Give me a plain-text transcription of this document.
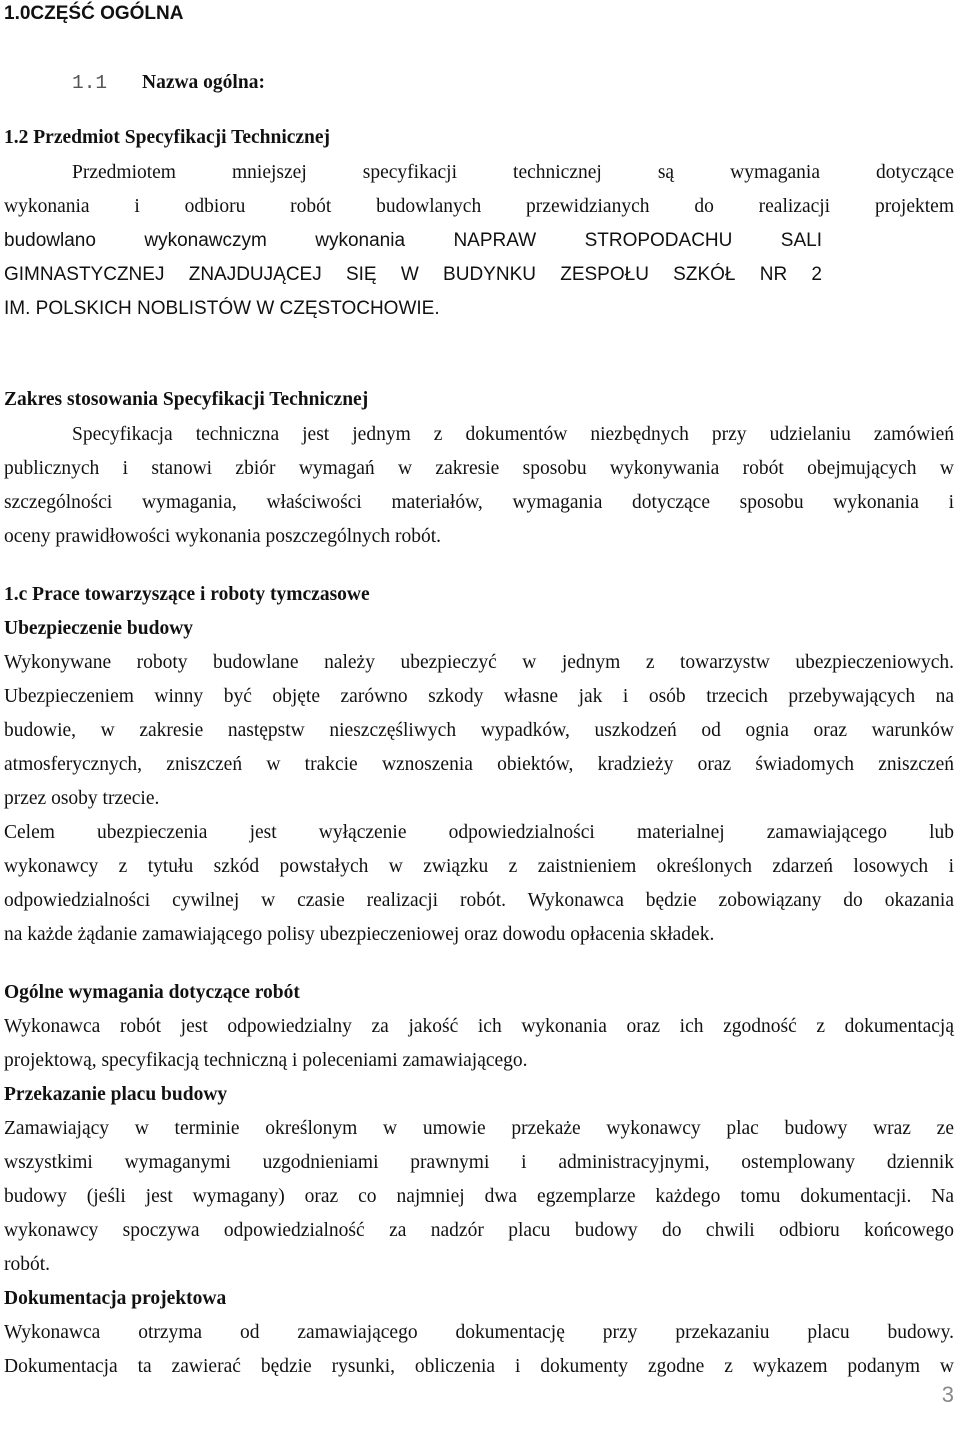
1.0CZĘŚĆ OGÓLNA
1.1 Nazwa ogólna:
1.2 Przedmiot Specyfikacji Technicznej
Przedmiotem mniejszej specyfikacji technicznej są wymagania dotyczące
wykonania i odbioru robót budowlanych przewidzianych do realizacji projektem
budowlano wykonawczym wykonania NAPRAW STROPODACHU SALI
GIMNASTYCZNEJ ZNAJDUJĄCEJ SIĘ W BUDYNKU ZESPOŁU SZKÓŁ NR 2
IM. POLSKICH NOBLISTÓW W CZĘSTOCHOWIE.
Zakres stosowania Specyfikacji Technicznej
Specyfikacja techniczna jest jednym z dokumentów niezbędnych przy udzielaniu zamówień
publicznych i stanowi zbiór wymagań w zakresie sposobu wykonywania robót obejmujących w
szczególności wymagania, właściwości materiałów, wymagania dotyczące sposobu wykonania i
oceny prawidłowości wykonania poszczególnych robót.
1.c Prace towarzyszące i roboty tymczasowe
Ubezpieczenie budowy
Wykonywane roboty budowlane należy ubezpieczyć w jednym z towarzystw ubezpieczeniowych.
Ubezpieczeniem winny być objęte zarówno szkody własne jak i osób trzecich przebywających na
budowie, w zakresie następstw nieszczęśliwych wypadków, uszkodzeń od ognia oraz warunków
atmosferycznych, zniszczeń w trakcie wznoszenia obiektów, kradzieży oraz świadomych zniszczeń
przez osoby trzecie.
Celem ubezpieczenia jest wyłączenie odpowiedzialności materialnej zamawiającego lub
wykonawcy z tytułu szkód powstałych w związku z zaistnieniem określonych zdarzeń losowych i
odpowiedzialności cywilnej w czasie realizacji robót. Wykonawca będzie zobowiązany do okazania
na każde żądanie zamawiającego polisy ubezpieczeniowej oraz dowodu opłacenia składek.
Ogólne wymagania dotyczące robót
Wykonawca robót jest odpowiedzialny za jakość ich wykonania oraz ich zgodność z dokumentacją
projektową, specyfikacją techniczną i poleceniami zamawiającego.
Przekazanie placu budowy
Zamawiający w terminie określonym w umowie przekaże wykonawcy plac budowy wraz ze
wszystkimi wymaganymi uzgodnieniami prawnymi i administracyjnymi, ostemplowany dziennik
budowy (jeśli jest wymagany) oraz co najmniej dwa egzemplarze każdego tomu dokumentacji. Na
wykonawcy spoczywa odpowiedzialność za nadzór placu budowy do chwili odbioru końcowego
robót.
Dokumentacja projektowa
Wykonawca otrzyma od zamawiającego dokumentację przy przekazaniu placu budowy.
Dokumentacja ta zawierać będzie rysunki, obliczenia i dokumenty zgodne z wykazem podanym w
3
